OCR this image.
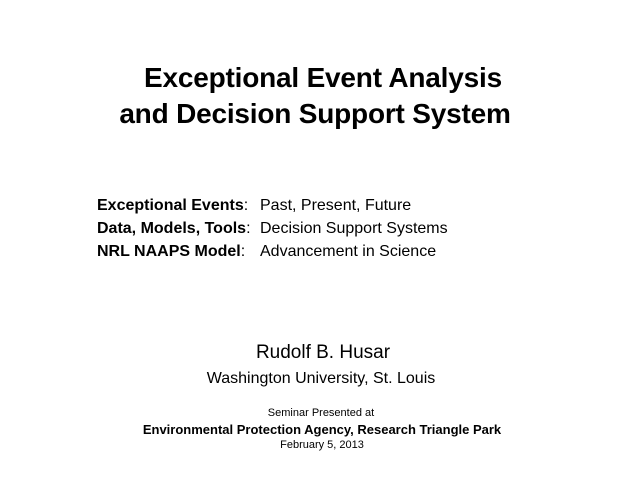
Exceptional Event Analysis
and Decision Support System
Exceptional Events: Past, Present, Future
Data, Models, Tools: Decision Support Systems
NRL NAAPS Model: Advancement in Science
Rudolf B. Husar
Washington University, St. Louis
Seminar Presented at
Environmental Protection Agency, Research Triangle Park
February 5, 2013
